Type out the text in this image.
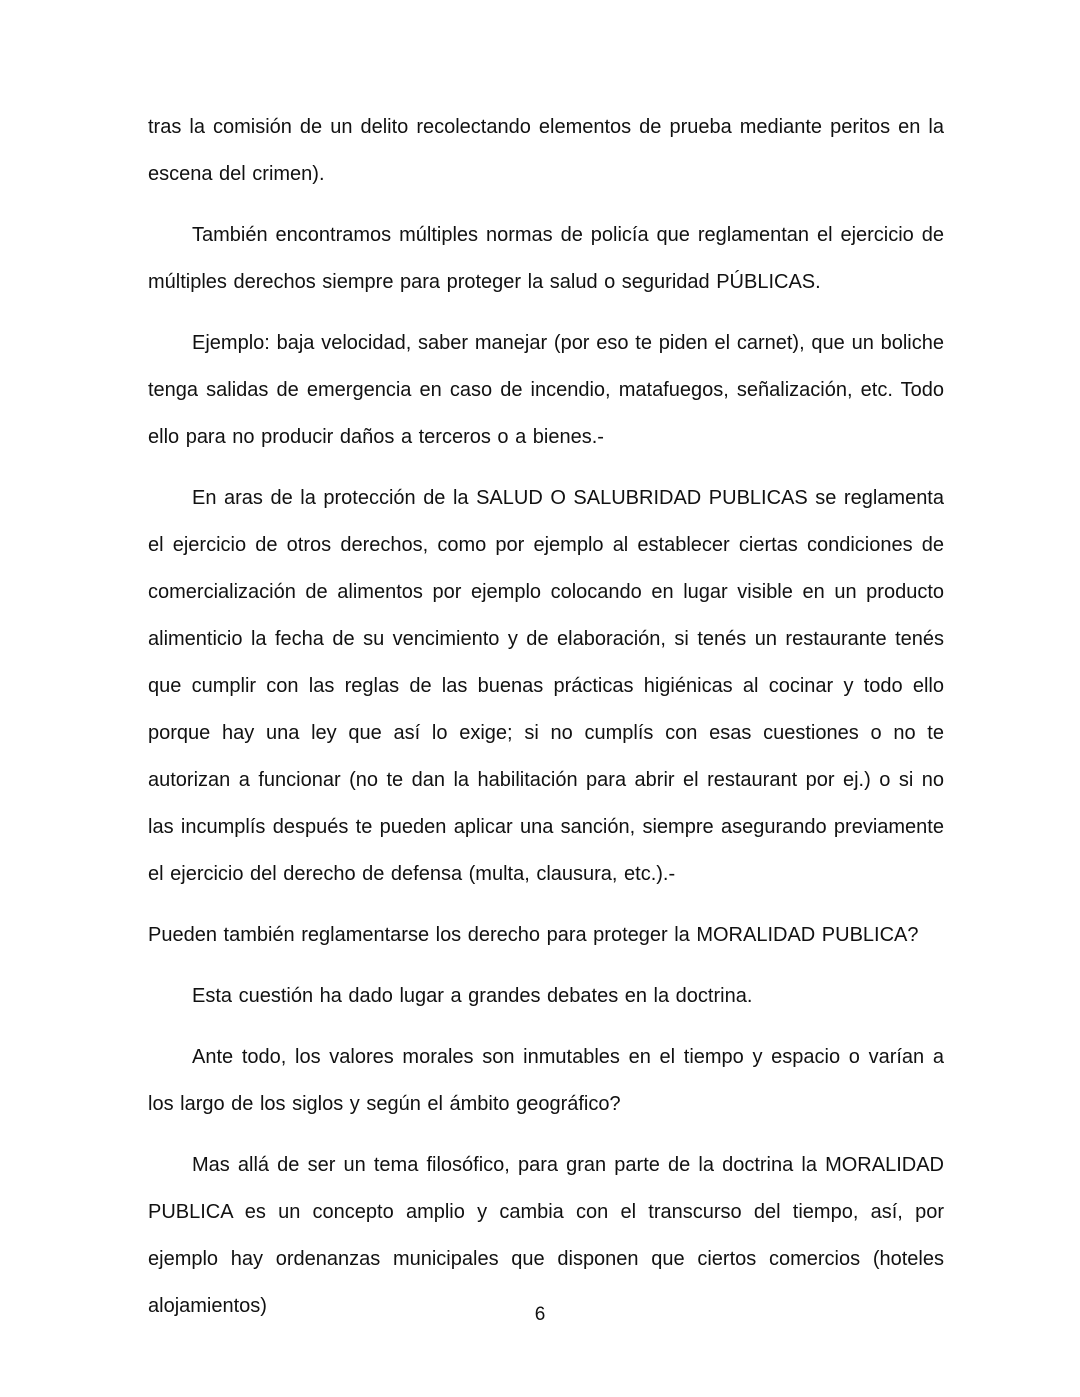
tras la comisión de un delito recolectando elementos de prueba mediante peritos en la escena del crimen).

También encontramos múltiples normas de policía que reglamentan el ejercicio de múltiples derechos siempre para proteger la salud o seguridad PÚBLICAS.

Ejemplo: baja velocidad, saber manejar (por eso te piden el carnet), que un boliche tenga salidas de emergencia en caso de incendio, matafuegos, señalización, etc. Todo ello para no producir daños a terceros o a bienes.-

En aras de la protección de la SALUD O SALUBRIDAD PUBLICAS se reglamenta el ejercicio de otros derechos, como por ejemplo al establecer ciertas condiciones de comercialización de alimentos por ejemplo colocando en lugar visible en un producto alimenticio la fecha de su vencimiento y de elaboración, si tenés un restaurante tenés que cumplir con las reglas de las buenas prácticas higiénicas al cocinar y todo ello porque hay una ley que así lo exige; si no cumplís con esas cuestiones o no te autorizan a funcionar (no te dan la habilitación para abrir el restaurant por ej.) o si no las incumplís después te pueden aplicar una sanción, siempre asegurando previamente el ejercicio del derecho de defensa (multa, clausura, etc.).-

Pueden también reglamentarse los derecho para proteger la MORALIDAD PUBLICA?

Esta cuestión ha dado lugar a grandes debates en la doctrina.

Ante todo, los valores morales son inmutables en el tiempo y espacio o varían a los largo de los siglos y según el ámbito geográfico?

Mas allá de ser un tema filosófico, para gran parte de la doctrina la MORALIDAD PUBLICA es un concepto amplio y cambia con el transcurso del tiempo, así, por ejemplo hay ordenanzas municipales que disponen que ciertos comercios (hoteles alojamientos)	6
